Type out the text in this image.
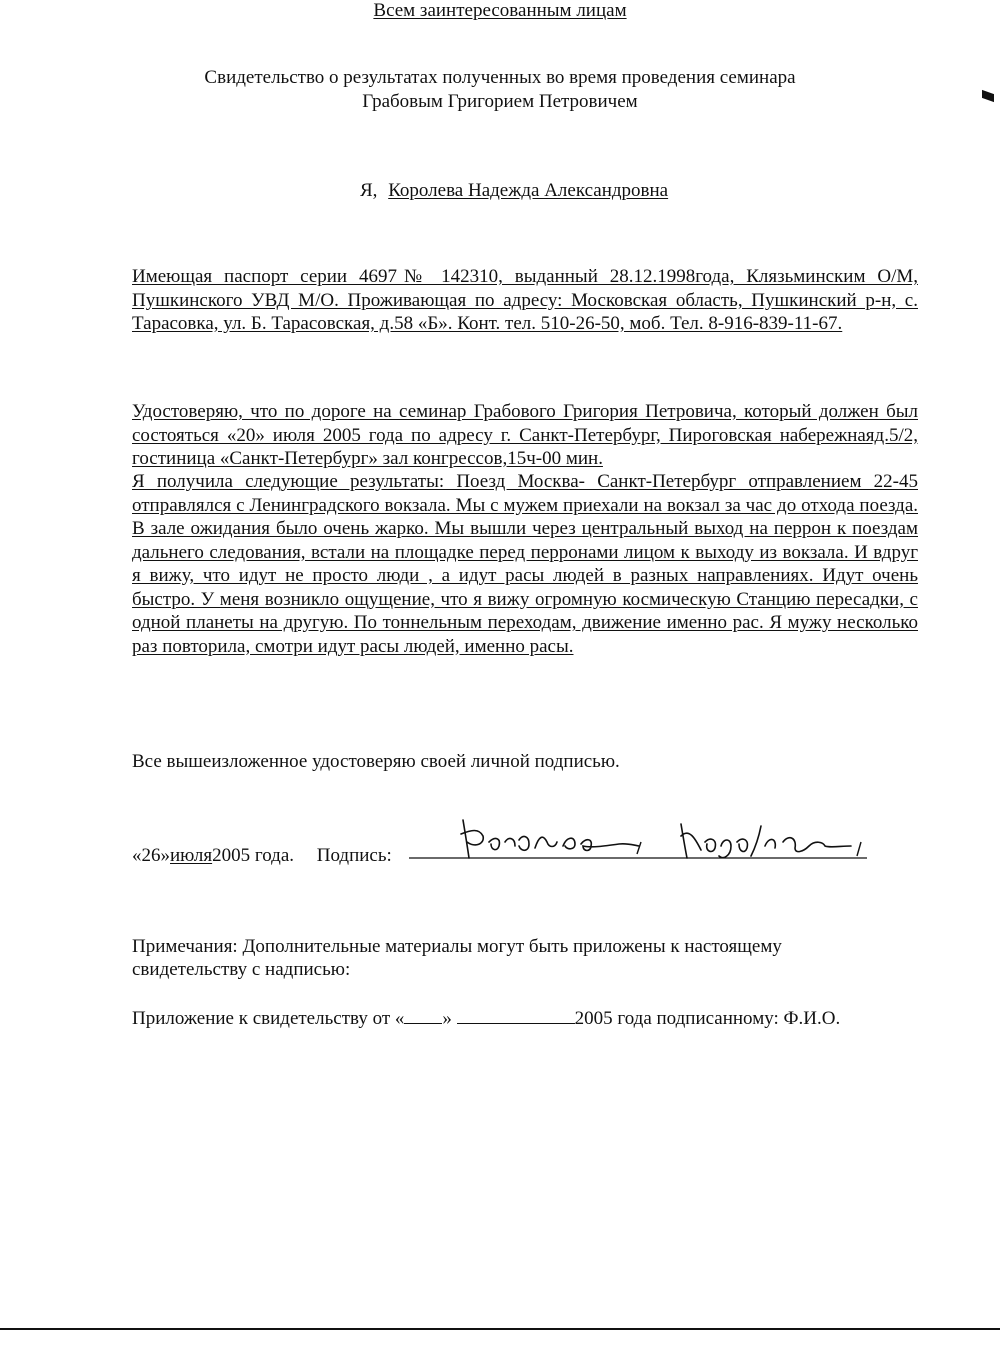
Всем заинтересованным лицам
Свидетельство о результатах полученных во время проведения семинара
Грабовым Григорием Петровичем
Я, Королева Надежда Александровна
Имеющая паспорт серии 4697№ 142310, выданный 28.12.1998года, Клязьминским О/М, Пушкинского УВД М/О. Проживающая по адресу: Московская область, Пушкинский р-н, с. Тарасовка, ул. Б. Тарасовская, д.58 «Б». Конт. тел. 510-26-50, моб. Тел. 8-916-839-11-67.
Удостоверяю, что по дороге на семинар Грабового Григория Петровича, который должен был состояться «20» июля 2005 года по адресу г. Санкт-Петербург, Пироговская набережнаяд.5/2, гостиница «Санкт-Петербург» зал конгрессов,15ч-00 мин.
Я получила следующие результаты: Поезд Москва- Санкт-Петербург отправлением 22-45 отправлялся с Ленинградского вокзала. Мы с мужем приехали на вокзал за час до отхода поезда. В зале ожидания было очень жарко. Мы вышли через центральный выход на перрон к поездам дальнего следования, встали на площадке перед перронами лицом к выходу из вокзала. И вдруг я вижу, что идут не просто люди , а идут расы людей в разных направлениях. Идут очень быстро. У меня возникло ощущение, что я вижу огромную космическую Станцию пересадки, с одной планеты на другую. По тоннельным переходам, движение именно рас. Я мужу несколько раз повторила, смотри идут расы людей, именно расы.
Все вышеизложенное удостоверяю своей личной подписью.
«26»июля2005 года. Подпись:
Примечания: Дополнительные материалы могут быть приложены к настоящему свидетельству с надписью:
Приложение к свидетельству от « »	2005 года подписанному: Ф.И.О.
